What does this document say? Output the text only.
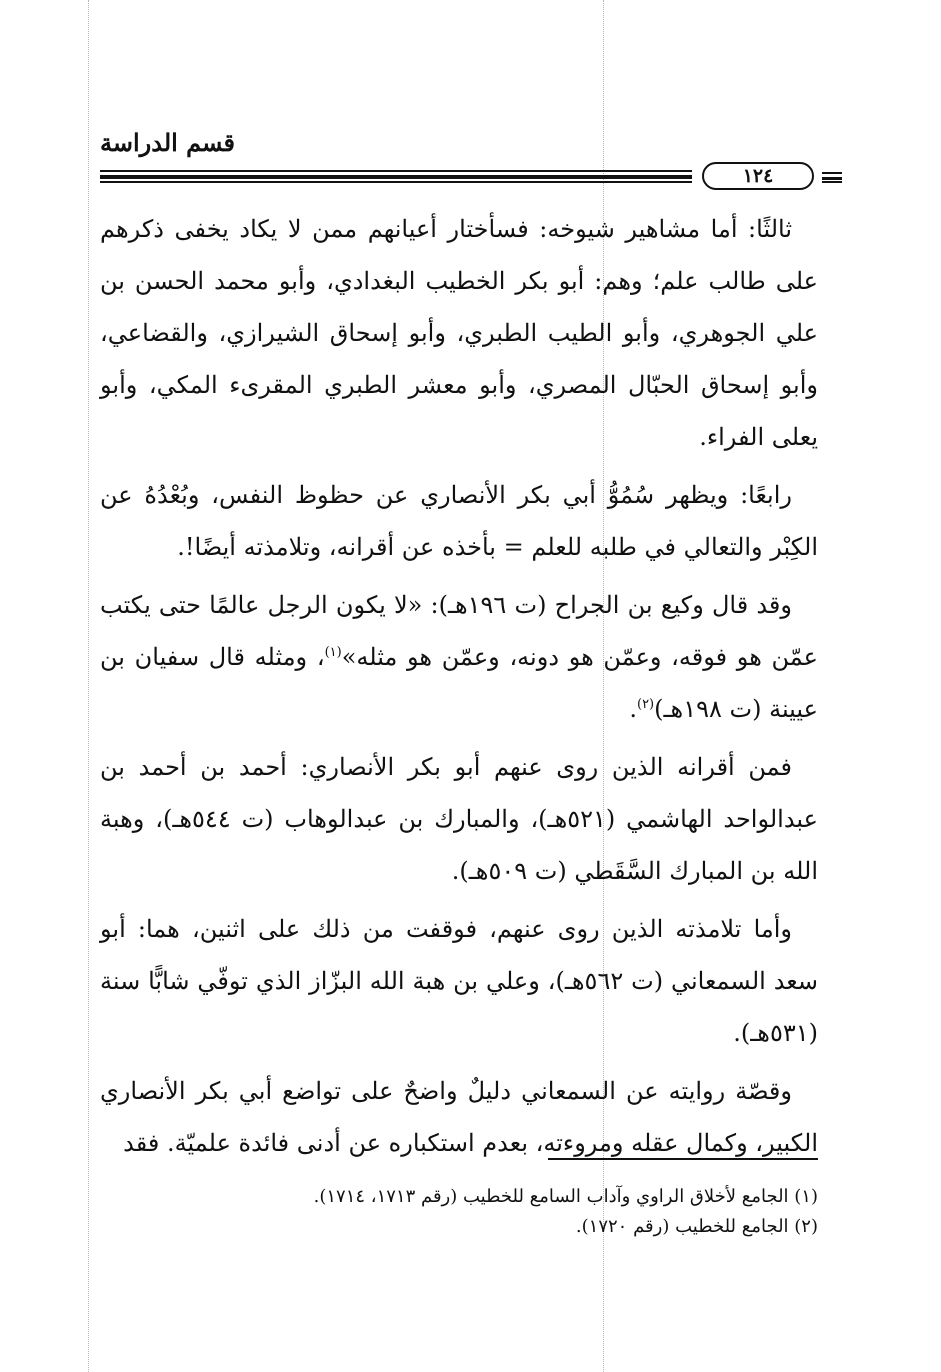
قسم الدراسة
١٢٤

ثالثًا: أما مشاهير شيوخه: فسأختار أعيانهم ممن لا يكاد يخفى ذكرهم على طالب علم؛ وهم: أبو بكر الخطيب البغدادي، وأبو محمد الحسن بن علي الجوهري، وأبو الطيب الطبري، وأبو إسحاق الشيرازي، والقضاعي، وأبو إسحاق الحبّال المصري، وأبو معشر الطبري المقرىء المكي، وأبو يعلى الفراء.

رابعًا: ويظهر سُمُوُّ أبي بكر الأنصاري عن حظوظ النفس، وبُعْدُهُ عن الكِبْر والتعالي في طلبه للعلم = بأخذه عن أقرانه، وتلامذته أيضًا!.

وقد قال وكيع بن الجراح (ت ١٩٦هـ): «لا يكون الرجل عالمًا حتى يكتب عمّن هو فوقه، وعمّن هو دونه، وعمّن هو مثله»$^{(١)}$، ومثله قال سفيان بن عيينة (ت ١٩٨هـ)$^{(٢)}$.

فمن أقرانه الذين روى عنهم أبو بكر الأنصاري: أحمد بن أحمد بن عبدالواحد الهاشمي (٥٢١هـ)، والمبارك بن عبدالوهاب (ت ٥٤٤هـ)، وهبة الله بن المبارك السَّقَطي (ت ٥٠٩هـ).

وأما تلامذته الذين روى عنهم، فوقفت من ذلك على اثنين، هما: أبو سعد السمعاني (ت ٥٦٢هـ)، وعلي بن هبة الله البزّاز الذي توفّي شابًّا سنة (٥٣١هـ).

وقصّة روايته عن السمعاني دليلٌ واضحٌ على تواضع أبي بكر الأنصاري الكبير، وكمال عقله ومروءته، بعدم استكباره عن أدنى فائدة علميّة. فقد

(١) الجامع لأخلاق الراوي وآداب السامع للخطيب (رقم ١٧١٣، ١٧١٤).

(٢) الجامع للخطيب (رقم ١٧٢٠).
